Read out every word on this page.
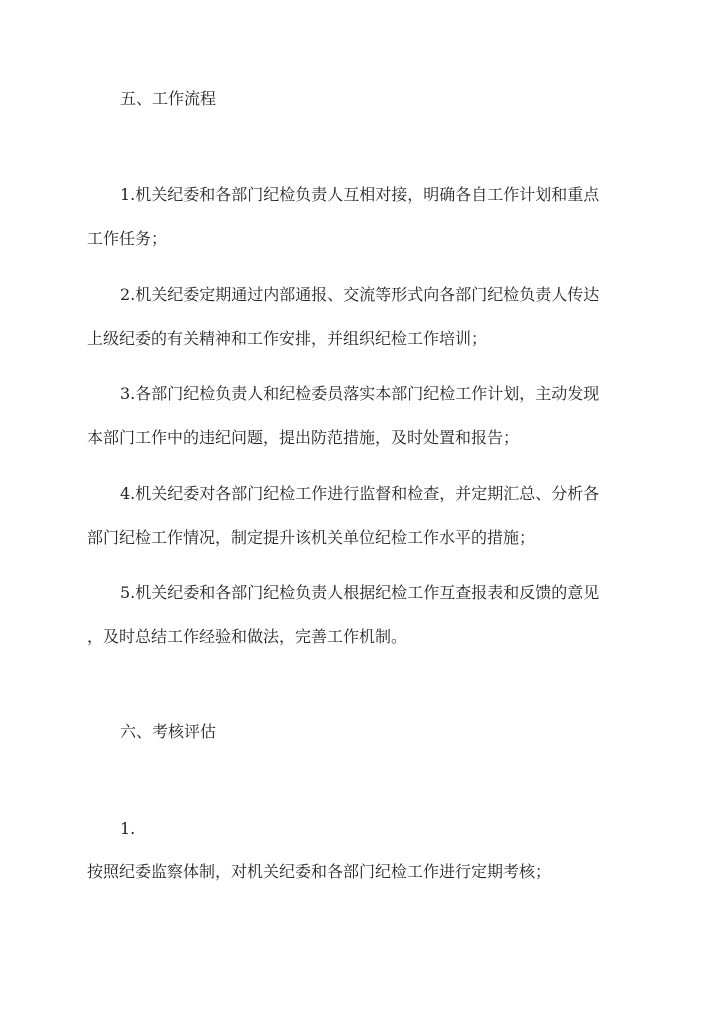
五、工作流程
1.机关纪委和各部门纪检负责人互相对接，明确各自工作计划和重点
工作任务；
2.机关纪委定期通过内部通报、交流等形式向各部门纪检负责人传达
上级纪委的有关精神和工作安排，并组织纪检工作培训；
3.各部门纪检负责人和纪检委员落实本部门纪检工作计划，主动发现
本部门工作中的违纪问题，提出防范措施，及时处置和报告；
4.机关纪委对各部门纪检工作进行监督和检查，并定期汇总、分析各
部门纪检工作情况，制定提升该机关单位纪检工作水平的措施；
5.机关纪委和各部门纪检负责人根据纪检工作互查报表和反馈的意见
，及时总结工作经验和做法，完善工作机制。
六、考核评估
1.
按照纪委监察体制，对机关纪委和各部门纪检工作进行定期考核；
